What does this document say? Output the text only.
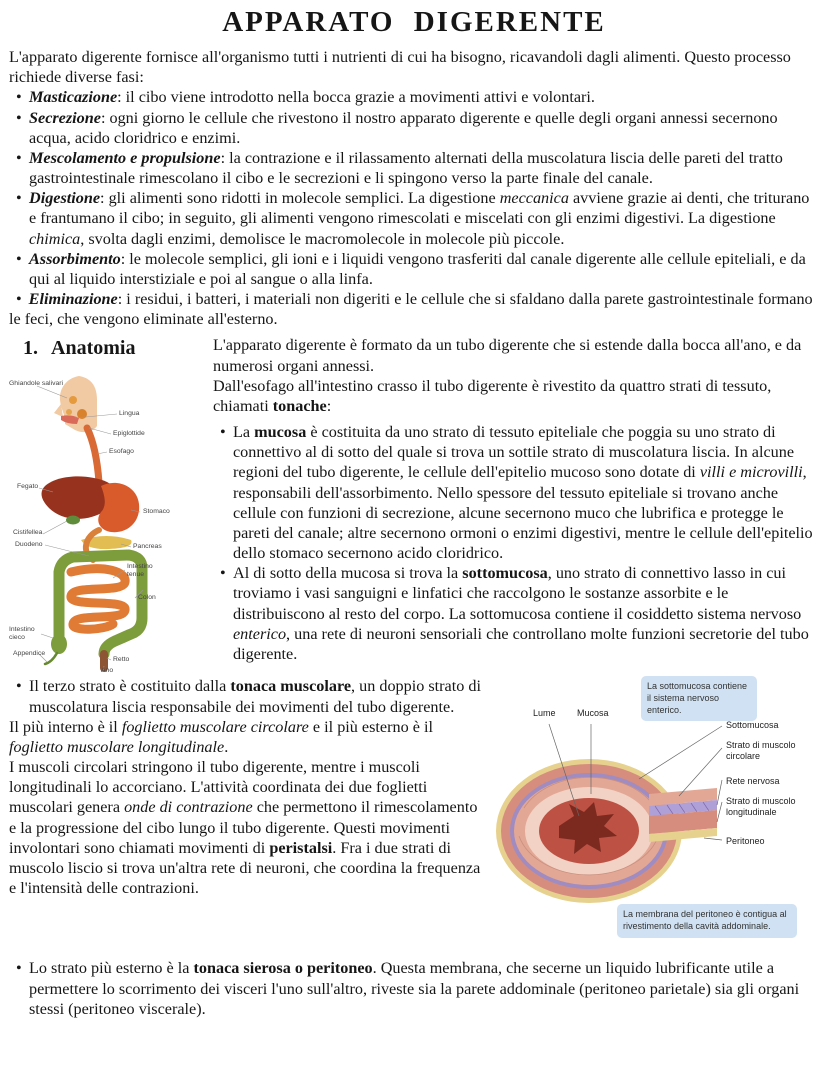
APPARATO DIGERENTE

L'apparato digerente fornisce all'organismo tutti i nutrienti di cui ha bisogno, ricavandoli dagli alimenti. Questo processo richiede diverse fasi:

• Masticazione: il cibo viene introdotto nella bocca grazie a movimenti attivi e volontari.
• Secrezione: ogni giorno le cellule che rivestono il nostro apparato digerente e quelle degli organi annessi secernono acqua, acido cloridrico e enzimi.
• Mescolamento e propulsione: la contrazione e il rilassamento alternati della muscolatura liscia delle pareti del tratto gastrointestinale rimescolano il cibo e le secrezioni e li spingono verso la parte finale del canale.
• Digestione: gli alimenti sono ridotti in molecole semplici. La digestione meccanica avviene grazie ai denti, che triturano e frantumano il cibo; in seguito, gli alimenti vengono rimescolati e miscelati con gli enzimi digestivi. La digestione chimica, svolta dagli enzimi, demolisce le macromolecole in molecole più piccole.
• Assorbimento: le molecole semplici, gli ioni e i liquidi vengono trasferiti dal canale digerente alle cellule epiteliali, e da qui al liquido interstiziale e poi al sangue o alla linfa.
• Eliminazione: i residui, i batteri, i materiali non digeriti e le cellule che si sfaldano dalla parete gastrointestinale formano le feci, che vengono eliminate all'esterno.
1. Anatomia
Ghiandole salivari
Lingua
Epiglottide
Esofago
Fegato
Stomaco
Cistifellea
Duodeno	Pancreas
Intestino tenue
Colon
Intestino cieco
Appendice
Retto
Ano

L'apparato digerente è formato da un tubo digerente che si estende dalla bocca all'ano, e da numerosi organi annessi.

Dall'esofago all'intestino crasso il tubo digerente è rivestito da quattro strati di tessuto, chiamati tonache:

• La mucosa è costituita da uno strato di tessuto epiteliale che poggia su uno strato di connettivo al di sotto del quale si trova un sottile strato di muscolatura liscia. In alcune regioni del tubo digerente, le cellule dell'epitelio mucoso sono dotate di villi e microvilli, responsabili dell'assorbimento. Nello spessore del tessuto epiteliale si trovano anche cellule con funzioni di secrezione, alcune secernono muco che lubrifica e protegge le pareti del canale; altre secernono ormoni o enzimi digestivi, mentre le cellule dell'epitelio dello stomaco secernono acido cloridrico.
• Al di sotto della mucosa si trova la sottomucosa, uno strato di connettivo lasso in cui troviamo i vasi sanguigni e linfatici che raccolgono le sostanze assorbite e le distribuiscono al resto del corpo. La sottomucosa contiene il cosiddetto sistema nervoso enterico, una rete di neuroni sensoriali che controllano molte funzioni secretorie del tubo digerente.
La sottomucosa contiene il sistema nervoso enterico.
La membrana del peritoneo è contigua al rivestimento della cavità addominale.
Lume Mucosa
Sottomucosa
Strato di muscolo circolare
Rete nervosa
Strato di muscolo longitudinale
Peritoneo
• Il terzo strato è costituito dalla tonaca muscolare, un doppio strato di muscolatura liscia responsabile dei movimenti del tubo digerente.

Il più interno è il foglietto muscolare circolare e il più esterno è il foglietto muscolare longitudinale.

I muscoli circolari stringono il tubo digerente, mentre i muscoli longitudinali lo accorciano. L'attività coordinata dei due foglietti muscolari genera onde di contrazione che permettono il rimescolamento e la progressione del cibo lungo il tubo digerente. Questi movimenti involontari sono chiamati movimenti di peristalsi. Fra i due strati di muscolo liscio si trova un'altra rete di neuroni, che coordina la frequenza e l'intensità delle contrazioni.

• Lo strato più esterno è la tonaca sierosa o peritoneo. Questa membrana, che secerne un liquido lubrificante utile a permettere lo scorrimento dei visceri l'uno sull'altro, riveste sia la parete addominale (peritoneo parietale) sia gli organi stessi (peritoneo viscerale).
